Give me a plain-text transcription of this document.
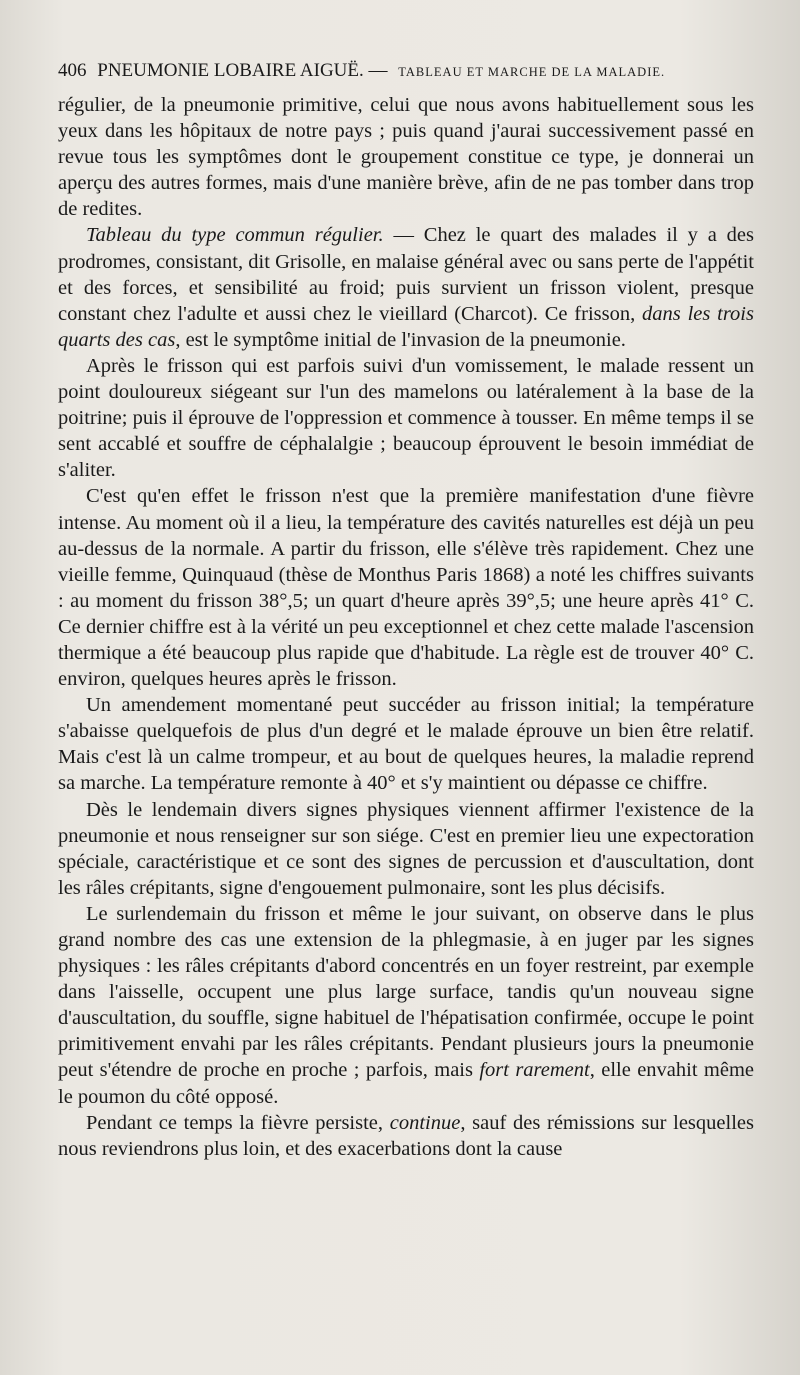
406 PNEUMONIE LOBAIRE AIGUË. — TABLEAU ET MARCHE DE LA MALADIE.

régulier, de la pneumonie primitive, celui que nous avons habituellement sous les yeux dans les hôpitaux de notre pays ; puis quand j'aurai successivement passé en revue tous les symptômes dont le groupement constitue ce type, je donnerai un aperçu des autres formes, mais d'une manière brève, afin de ne pas tomber dans trop de redites.

Tableau du type commun régulier. — Chez le quart des malades il y a des prodromes, consistant, dit Grisolle, en malaise général avec ou sans perte de l'appétit et des forces, et sensibilité au froid; puis survient un frisson violent, presque constant chez l'adulte et aussi chez le vieillard (Charcot). Ce frisson, dans les trois quarts des cas, est le symptôme initial de l'invasion de la pneumonie.

Après le frisson qui est parfois suivi d'un vomissement, le malade ressent un point douloureux siégeant sur l'un des mamelons ou latéralement à la base de la poitrine; puis il éprouve de l'oppression et commence à tousser. En même temps il se sent accablé et souffre de céphalalgie ; beaucoup éprouvent le besoin immédiat de s'aliter.

C'est qu'en effet le frisson n'est que la première manifestation d'une fièvre intense. Au moment où il a lieu, la température des cavités naturelles est déjà un peu au-dessus de la normale. A partir du frisson, elle s'élève très rapidement. Chez une vieille femme, Quinquaud (thèse de Monthus Paris 1868) a noté les chiffres suivants : au moment du frisson 38°,5; un quart d'heure après 39°,5; une heure après 41° C. Ce dernier chiffre est à la vérité un peu exceptionnel et chez cette malade l'ascension thermique a été beaucoup plus rapide que d'habitude. La règle est de trouver 40° C. environ, quelques heures après le frisson.

Un amendement momentané peut succéder au frisson initial; la température s'abaisse quelquefois de plus d'un degré et le malade éprouve un bien être relatif. Mais c'est là un calme trompeur, et au bout de quelques heures, la maladie reprend sa marche. La température remonte à 40° et s'y maintient ou dépasse ce chiffre.

Dès le lendemain divers signes physiques viennent affirmer l'existence de la pneumonie et nous renseigner sur son siége. C'est en premier lieu une expectoration spéciale, caractéristique et ce sont des signes de percussion et d'auscultation, dont les râles crépitants, signe d'engouement pulmonaire, sont les plus décisifs.

Le surlendemain du frisson et même le jour suivant, on observe dans le plus grand nombre des cas une extension de la phlegmasie, à en juger par les signes physiques : les râles crépitants d'abord concentrés en un foyer restreint, par exemple dans l'aisselle, occupent une plus large surface, tandis qu'un nouveau signe d'auscultation, du souffle, signe habituel de l'hépatisation confirmée, occupe le point primitivement envahi par les râles crépitants. Pendant plusieurs jours la pneumonie peut s'étendre de proche en proche ; parfois, mais fort rarement, elle envahit même le poumon du côté opposé.

Pendant ce temps la fièvre persiste, continue, sauf des rémissions sur lesquelles nous reviendrons plus loin, et des exacerbations dont la cause
